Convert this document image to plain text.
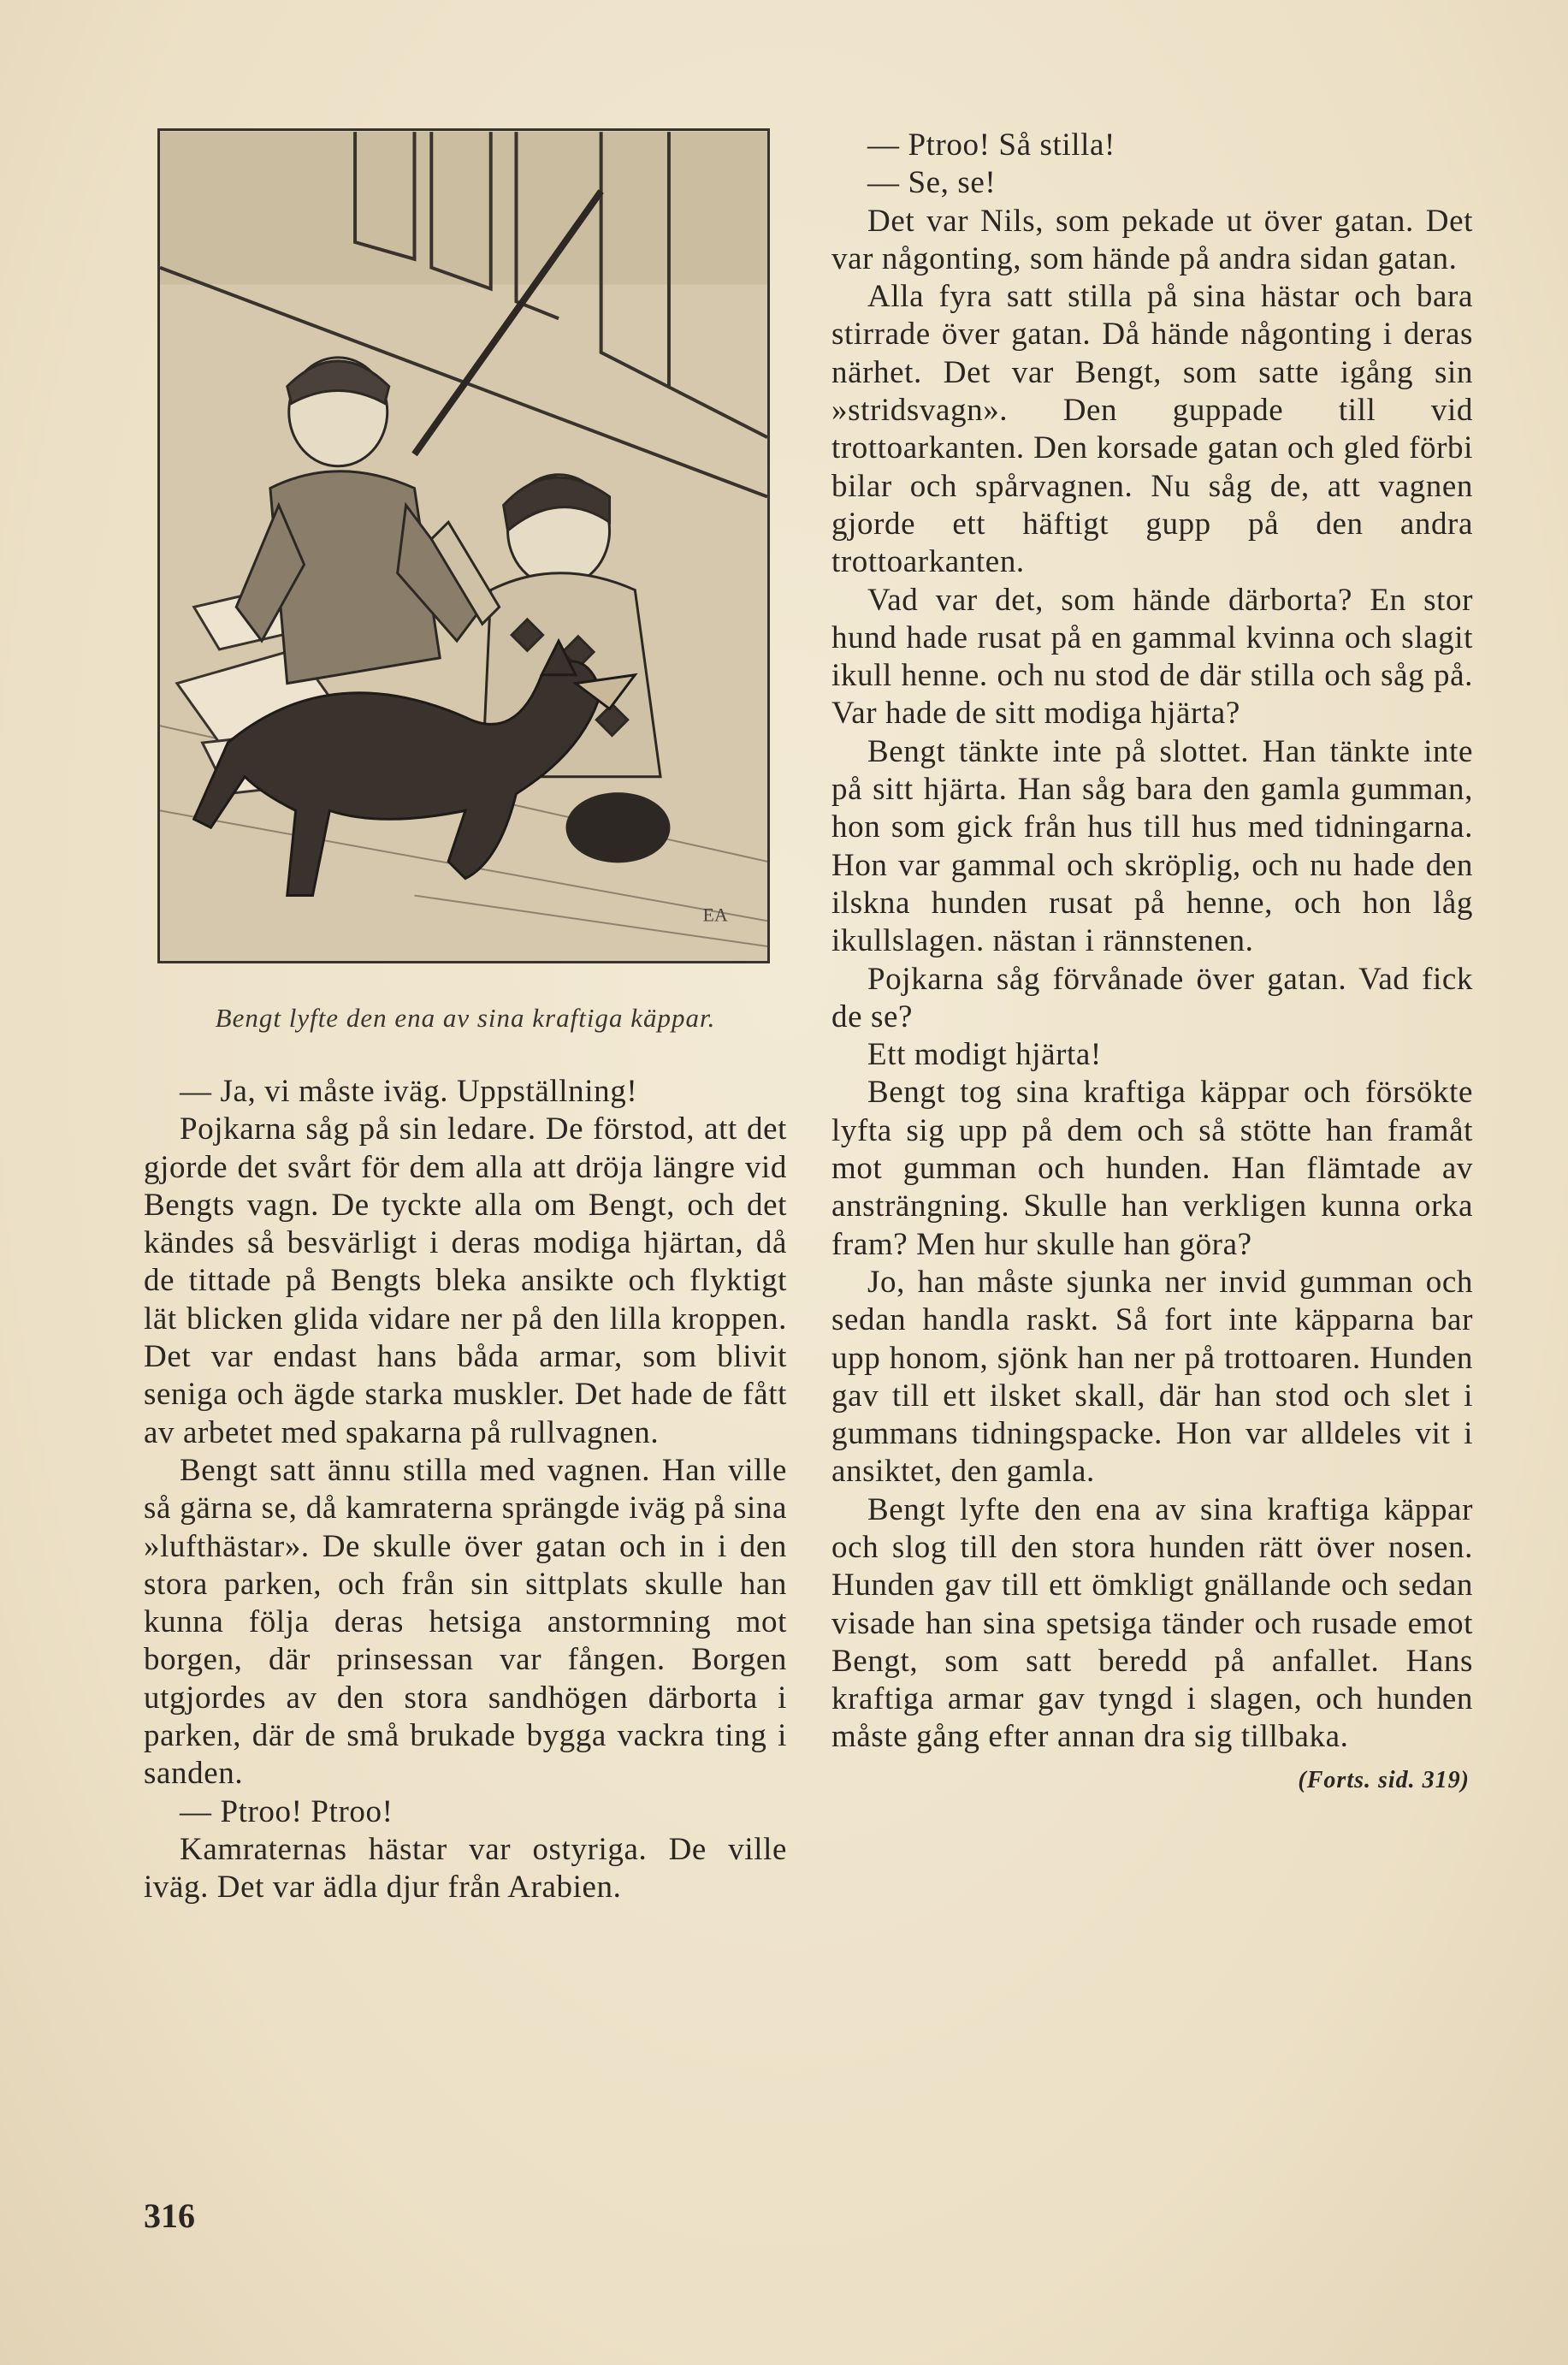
EA
Bengt lyfte den ena av sina kraftiga käppar.

— Ja, vi måste iväg. Uppställning!

Pojkarna såg på sin ledare. De förstod, att det gjorde det svårt för dem alla att dröja längre vid Bengts vagn. De tyckte alla om Bengt, och det kändes så besvärligt i deras modiga hjärtan, då de tittade på Bengts bleka ansikte och flyktigt lät blicken glida vidare ner på den lilla kroppen. Det var endast hans båda armar, som blivit seniga och ägde starka muskler. Det hade de fått av arbetet med spakarna på rullvagnen.

Bengt satt ännu stilla med vagnen. Han ville så gärna se, då kamraterna sprängde iväg på sina »lufthästar». De skulle över gatan och in i den stora parken, och från sin sittplats skulle han kunna följa deras hetsiga anstormning mot borgen, där prinsessan var fången. Borgen utgjordes av den stora sandhögen därborta i parken, där de små brukade bygga vackra ting i sanden.

— Ptroo! Ptroo!

Kamraternas hästar var ostyriga. De ville iväg. Det var ädla djur från Arabien.

— Ptroo! Så stilla!

— Se, se!

Det var Nils, som pekade ut över gatan. Det var någonting, som hände på andra sidan gatan.

Alla fyra satt stilla på sina hästar och bara stirrade över gatan. Då hände någonting i deras närhet. Det var Bengt, som satte igång sin »stridsvagn». Den guppade till vid trottoarkanten. Den korsade gatan och gled förbi bilar och spårvagnen. Nu såg de, att vagnen gjorde ett häftigt gupp på den andra trottoarkanten.

Vad var det, som hände därborta? En stor hund hade rusat på en gammal kvinna och slagit ikull henne. och nu stod de där stilla och såg på. Var hade de sitt modiga hjärta?

Bengt tänkte inte på slottet. Han tänkte inte på sitt hjärta. Han såg bara den gamla gumman, hon som gick från hus till hus med tidningarna. Hon var gammal och skröplig, och nu hade den ilskna hunden rusat på henne, och hon låg ikullslagen. nästan i rännstenen.

Pojkarna såg förvånade över gatan. Vad fick de se?

Ett modigt hjärta!

Bengt tog sina kraftiga käppar och försökte lyfta sig upp på dem och så stötte han framåt mot gumman och hunden. Han flämtade av ansträngning. Skulle han verkligen kunna orka fram? Men hur skulle han göra?

Jo, han måste sjunka ner invid gumman och sedan handla raskt. Så fort inte käpparna bar upp honom, sjönk han ner på trottoaren. Hunden gav till ett ilsket skall, där han stod och slet i gummans tidningspacke. Hon var alldeles vit i ansiktet, den gamla.

Bengt lyfte den ena av sina kraftiga käppar och slog till den stora hunden rätt över nosen. Hunden gav till ett ömkligt gnällande och sedan visade han sina spetsiga tänder och rusade emot Bengt, som satt beredd på anfallet. Hans kraftiga armar gav tyngd i slagen, och hunden måste gång efter annan dra sig tillbaka.

(Forts. sid. 319)
316
